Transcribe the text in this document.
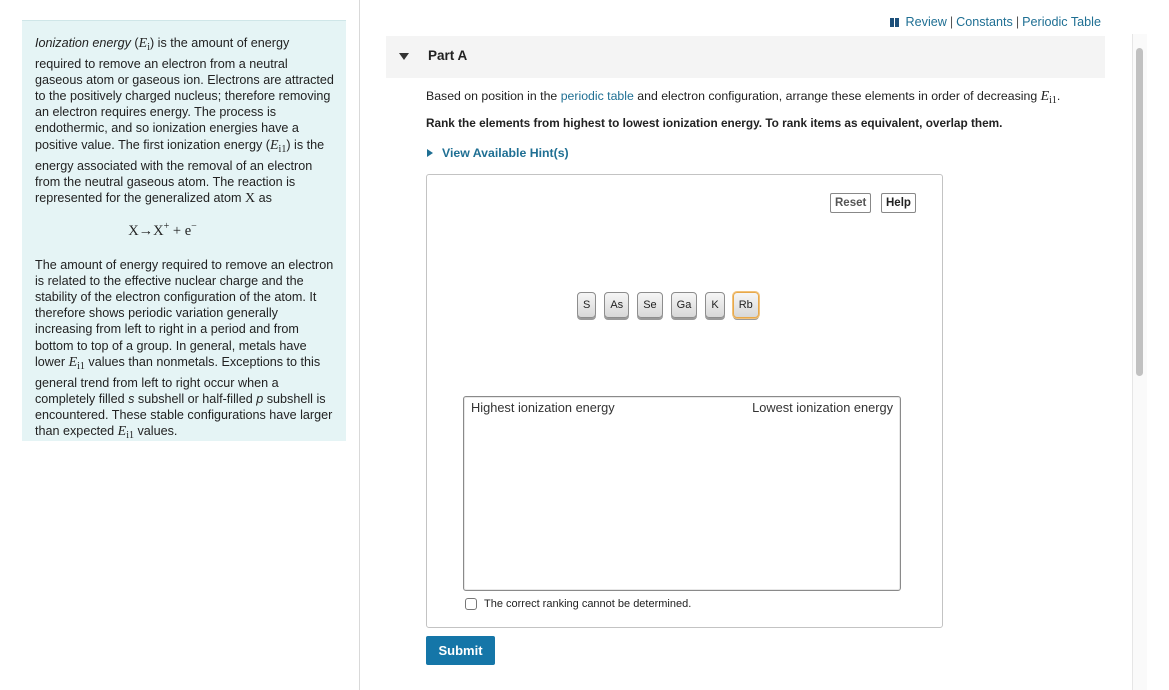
Ionization energy $(E_i)$ is the amount of energy required to remove an electron from a neutral gaseous atom or gaseous ion. Electrons are attracted to the positively charged nucleus; therefore removing an electron requires energy. The process is endothermic, and so ionization energies have a positive value. The first ionization energy $(E_{i1})$ is the energy associated with the removal of an electron from the neutral gaseous atom. The reaction is represented for the generalized atom X as

X→X+ + e−

The amount of energy required to remove an electron is related to the effective nuclear charge and the stability of the electron configuration of the atom. It therefore shows periodic variation generally increasing from left to right in a period and from bottom to top of a group. In general, metals have lower $E_{i1}$ values than nonmetals. Exceptions to this general trend from left to right occur when a completely filled s subshell or half-filled p subshell is encountered. These stable configurations have larger than expected $E_{i1}$ values.

Review | Constants | Periodic Table
Part A
Based on position in the periodic table and electron configuration, arrange these elements in order of decreasing $E_{i1}$.
Rank the elements from highest to lowest ionization energy. To rank items as equivalent, overlap them.
View Available Hint(s)
Reset	Help
S	As	Se	Ga	K	Rb
Highest ionization energy	Lowest ionization energy
The correct ranking cannot be determined.
Submit
